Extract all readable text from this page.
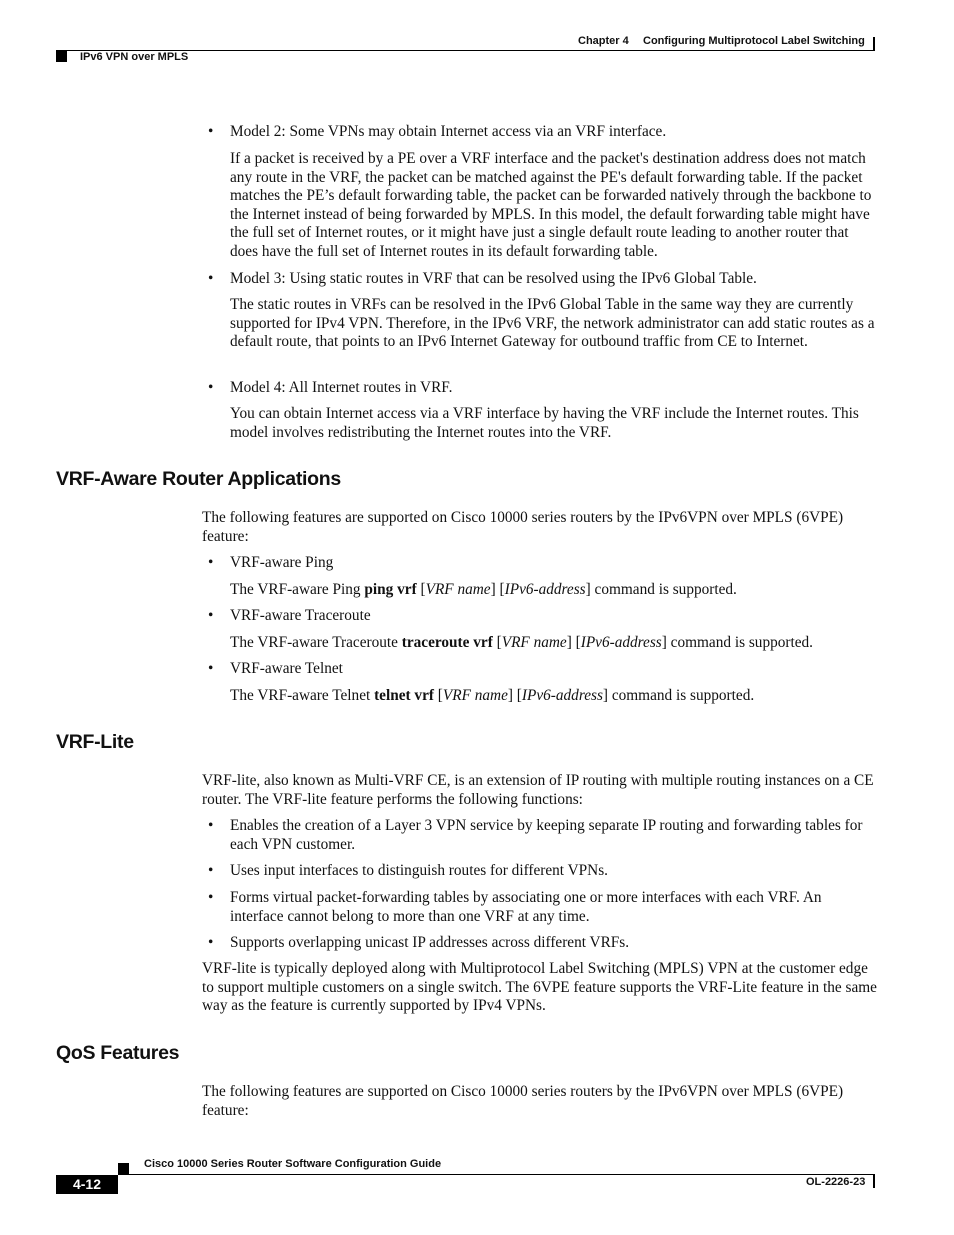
Chapter 4 Configuring Multiprotocol Label Switching
IPv6 VPN over MPLS
• Model 2: Some VPNs may obtain Internet access via an VRF interface.

If a packet is received by a PE over a VRF interface and the packet's destination address does not match any route in the VRF, the packet can be matched against the PE's default forwarding table. If the packet matches the PE’s default forwarding table, the packet can be forwarded natively through the backbone to the Internet instead of being forwarded by MPLS. In this model, the default forwarding table might have the full set of Internet routes, or it might have just a single default route leading to another router that does have the full set of Internet routes in its default forwarding table.

• Model 3: Using static routes in VRF that can be resolved using the IPv6 Global Table.

The static routes in VRFs can be resolved in the IPv6 Global Table in the same way they are currently supported for IPv4 VPN. Therefore, in the IPv6 VRF, the network administrator can add static routes as a default route, that points to an IPv6 Internet Gateway for outbound traffic from CE to Internet.

• Model 4: All Internet routes in VRF.

You can obtain Internet access via a VRF interface by having the VRF include the Internet routes. This model involves redistributing the Internet routes into the VRF.

VRF-Aware Router Applications

The following features are supported on Cisco 10000 series routers by the IPv6VPN over MPLS (6VPE) feature:

• VRF-aware Ping

The VRF-aware Ping ping vrf [VRF name] [IPv6-address] command is supported.

• VRF-aware Traceroute

The VRF-aware Traceroute traceroute vrf [VRF name] [IPv6-address] command is supported.

• VRF-aware Telnet

The VRF-aware Telnet telnet vrf [VRF name] [IPv6-address] command is supported.

VRF-Lite

VRF-lite, also known as Multi-VRF CE, is an extension of IP routing with multiple routing instances on a CE router. The VRF-lite feature performs the following functions:

• Enables the creation of a Layer 3 VPN service by keeping separate IP routing and forwarding tables for each VPN customer.
• Uses input interfaces to distinguish routes for different VPNs.
• Forms virtual packet-forwarding tables by associating one or more interfaces with each VRF. An interface cannot belong to more than one VRF at any time.
• Supports overlapping unicast IP addresses across different VRFs.

VRF-lite is typically deployed along with Multiprotocol Label Switching (MPLS) VPN at the customer edge to support multiple customers on a single switch. The 6VPE feature supports the VRF-Lite feature in the same way as the feature is currently supported by IPv4 VPNs.

QoS Features

The following features are supported on Cisco 10000 series routers by the IPv6VPN over MPLS (6VPE) feature:

Cisco 10000 Series Router Software Configuration Guide
4-12	OL-2226-23
